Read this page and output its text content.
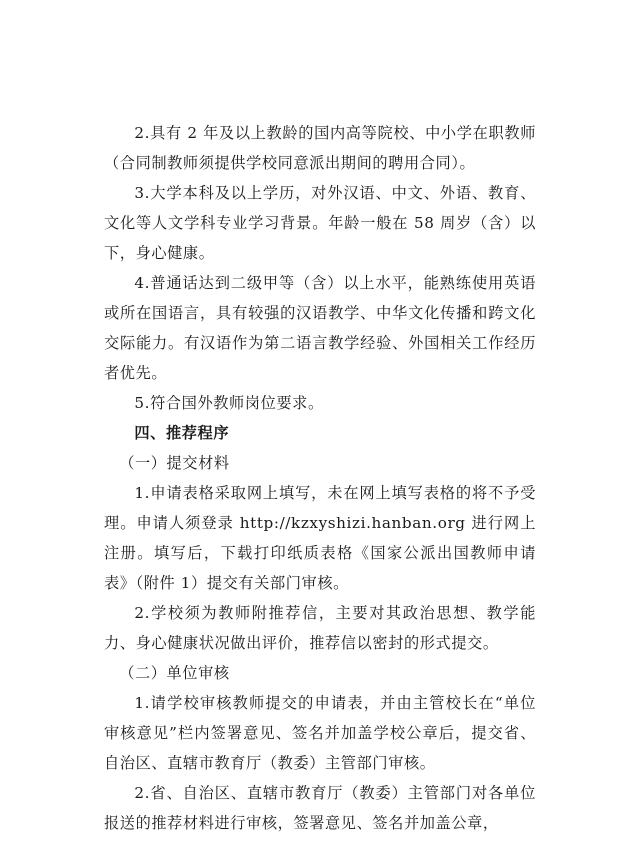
2.具有 2 年及以上教龄的国内高等院校、中小学在职教师（合同制教师须提供学校同意派出期间的聘用合同）。

3.大学本科及以上学历，对外汉语、中文、外语、教育、文化等人文学科专业学习背景。年龄一般在 58 周岁（含）以下，身心健康。

4.普通话达到二级甲等（含）以上水平，能熟练使用英语或所在国语言，具有较强的汉语教学、中华文化传播和跨文化交际能力。有汉语作为第二语言教学经验、外国相关工作经历者优先。

5.符合国外教师岗位要求。

四、推荐程序

（一）提交材料

1.申请表格采取网上填写，未在网上填写表格的将不予受理。申请人须登录 http://kzxyshizi.hanban.org 进行网上注册。填写后，下载打印纸质表格《国家公派出国教师申请表》（附件 1）提交有关部门审核。

2.学校须为教师附推荐信，主要对其政治思想、教学能力、身心健康状况做出评价，推荐信以密封的形式提交。

（二）单位审核

1.请学校审核教师提交的申请表，并由主管校长在“单位审核意见”栏内签署意见、签名并加盖学校公章后，提交省、自治区、直辖市教育厅（教委）主管部门审核。

2.省、自治区、直辖市教育厅（教委）主管部门对各单位报送的推荐材料进行审核，签署意见、签名并加盖公章，
